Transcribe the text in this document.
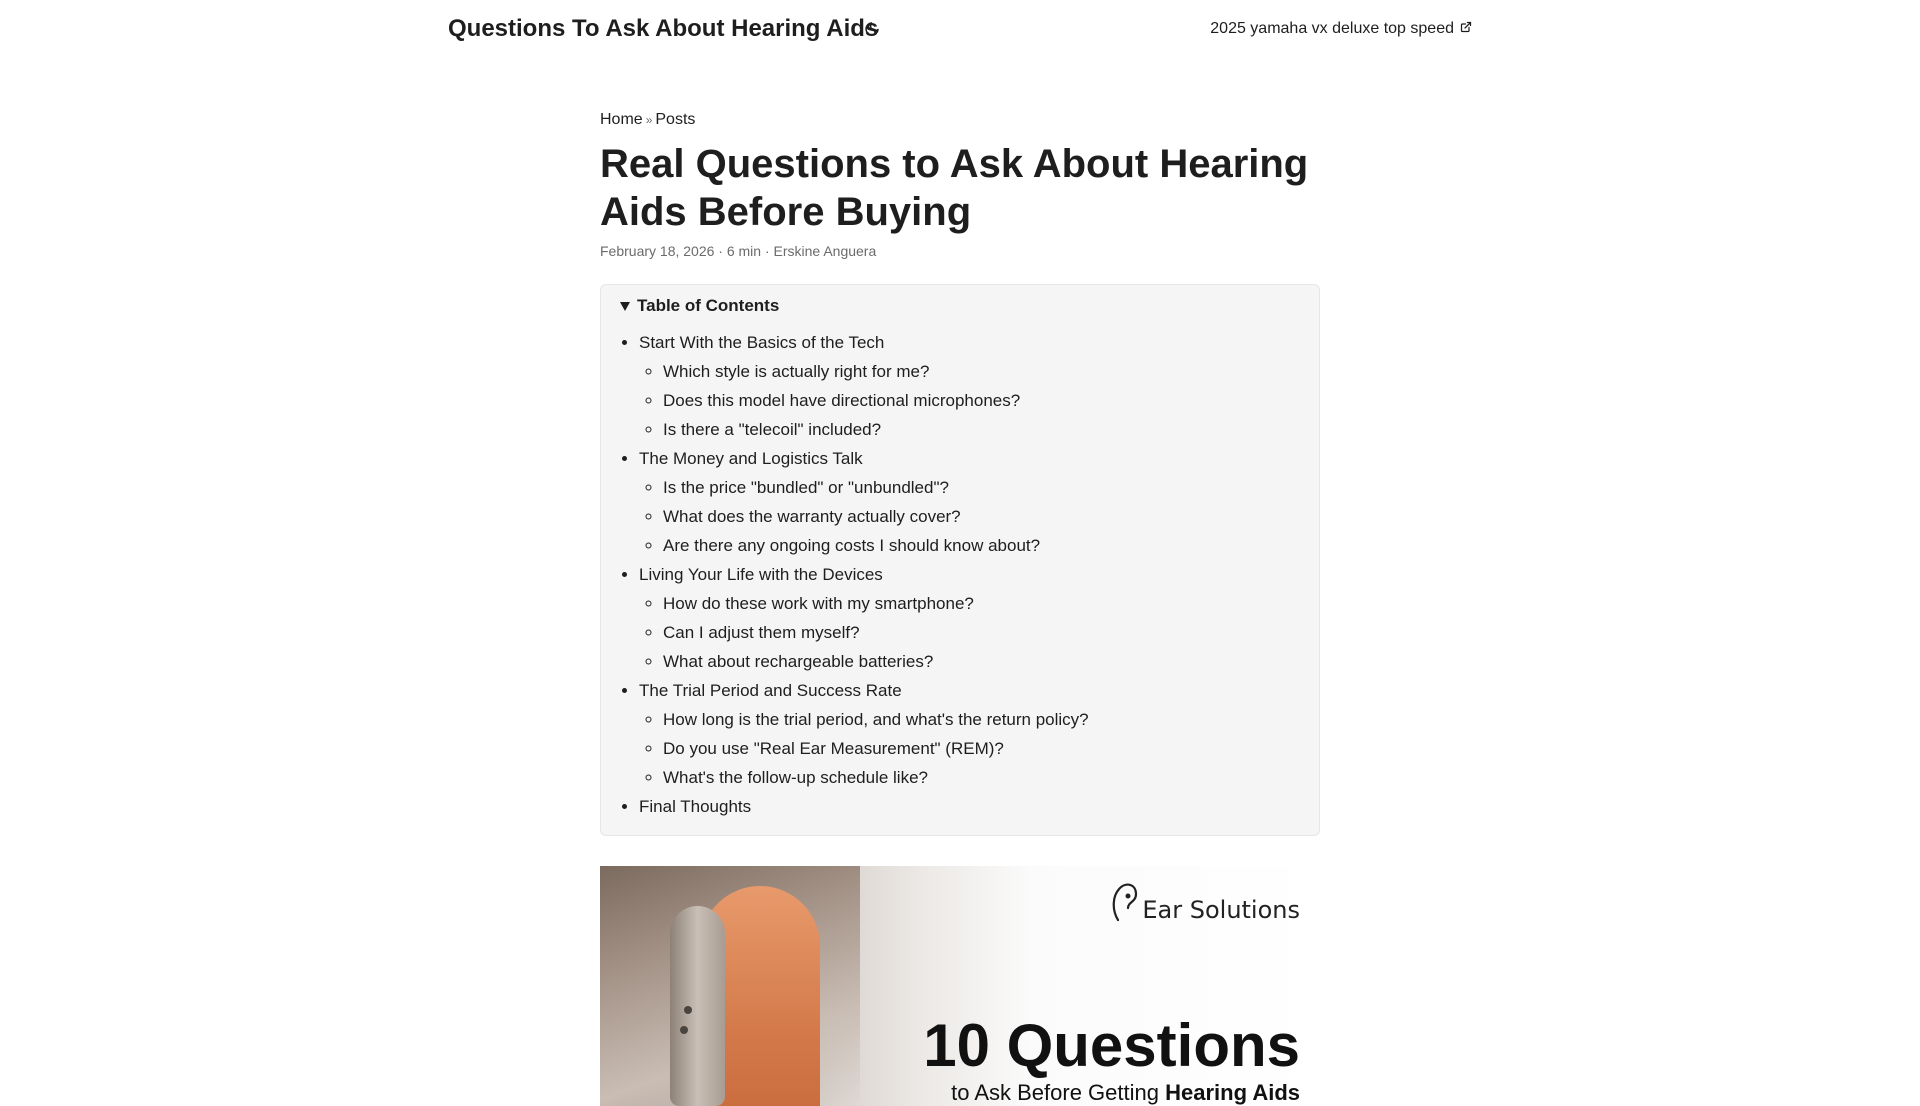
Questions To Ask About Hearing Aids	2025 yamaha vx deluxe top speed
Home » Posts
Real Questions to Ask About Hearing Aids Before Buying
February 18, 2026 · 6 min · Erskine Anguera
Table of Contents
• Start With the Basics of the Tech
◦ Which style is actually right for me?
◦ Does this model have directional microphones?
◦ Is there a "telecoil" included?
• The Money and Logistics Talk
◦ Is the price "bundled" or "unbundled"?
◦ What does the warranty actually cover?
◦ Are there any ongoing costs I should know about?
• Living Your Life with the Devices
◦ How do these work with my smartphone?
◦ Can I adjust them myself?
◦ What about rechargeable batteries?
• The Trial Period and Success Rate
◦ How long is the trial period, and what's the return policy?
◦ Do you use "Real Ear Measurement" (REM)?
◦ What's the follow-up schedule like?
• Final Thoughts
Ear Solutions
10 Questions
to Ask Before Getting Hearing Aids
